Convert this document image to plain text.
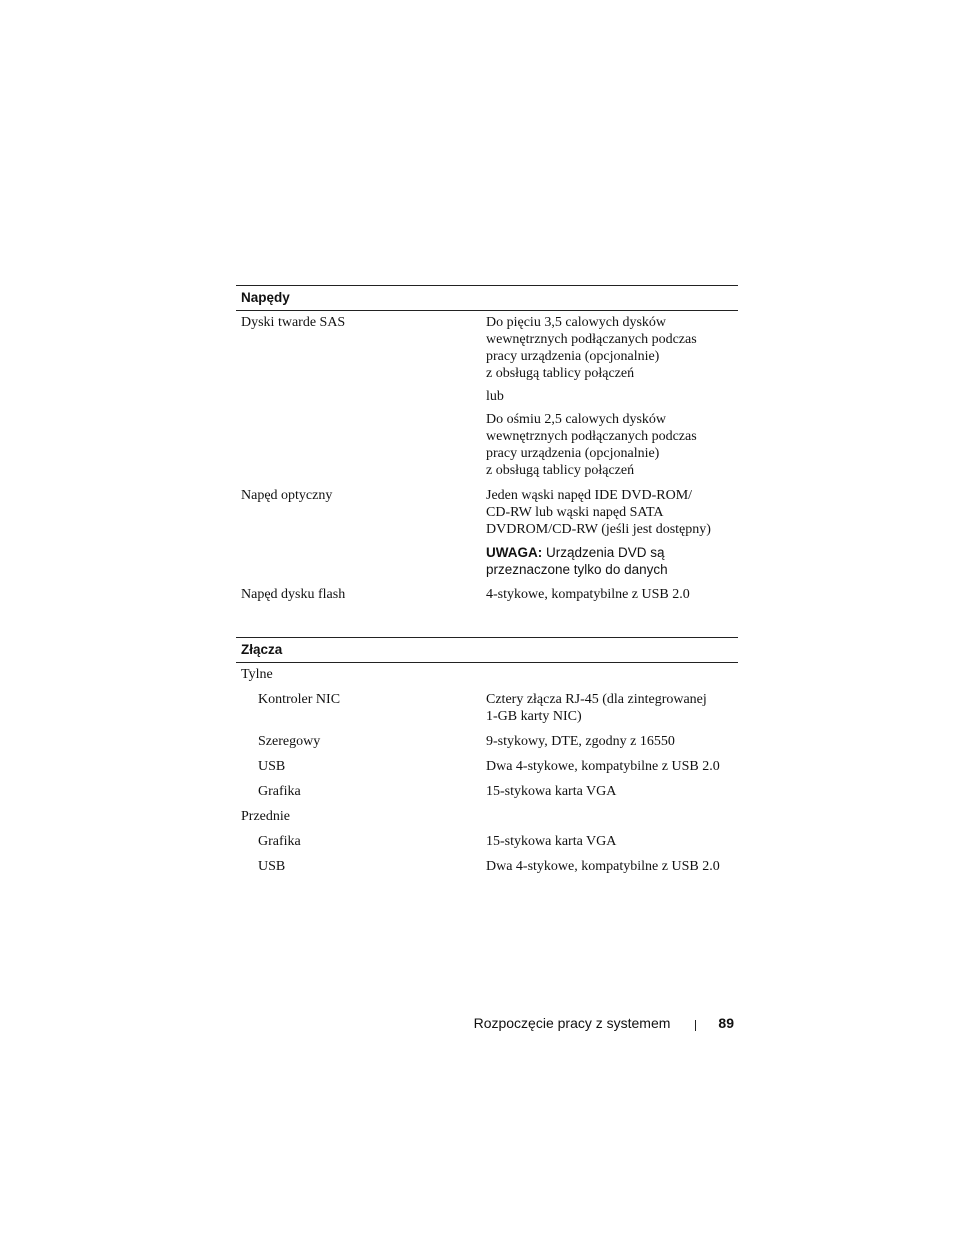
Napędy
Dyski twarde SAS	Do pięciu 3,5 calowych dysków
wewnętrznych podłączanych podczas
pracy urządzenia (opcjonalnie)
z obsługą tablicy połączeń

lub

Do ośmiu 2,5 calowych dysków
wewnętrznych podłączanych podczas
pracy urządzenia (opcjonalnie)
z obsługą tablicy połączeń

Napęd optyczny	Jeden wąski napęd IDE DVD-ROM/
CD-RW lub wąski napęd SATA
DVDROM/CD-RW (jeśli jest dostępny)

UWAGA: Urządzenia DVD są
przeznaczone tylko do danych

Napęd dysku flash	4-stykowe, kompatybilne z USB 2.0

Złącza
Tylne
Kontroler NIC	Cztery złącza RJ-45 (dla zintegrowanej
1-GB karty NIC)

Szeregowy	9-stykowy, DTE, zgodny z 16550

USB	Dwa 4-stykowe, kompatybilne z USB 2.0

Grafika	15-stykowa karta VGA

Przednie
Grafika	15-stykowa karta VGA

USB	Dwa 4-stykowe, kompatybilne z USB 2.0

Rozpoczęcie pracy z systemem	89
